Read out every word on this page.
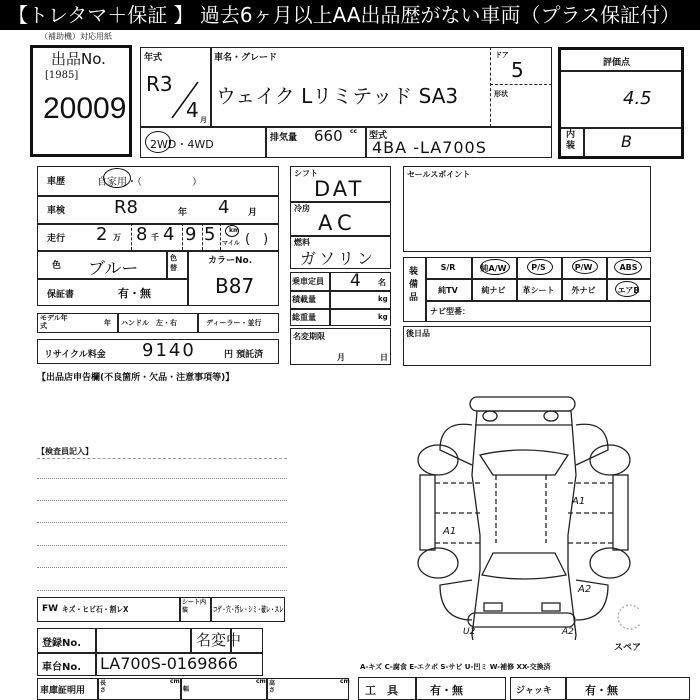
【トレタマ＋保証 】 過去6ヶ月以上AA出品歴がない車両（プラス保証付）
（補助機）対応用紙
出品No.
[1985]
20009
年式
R3
4 月
車名・グレード
ウェイク Lリミテッド SA3
ドア
5
形状
2WD・4WD	排気量 660 cc 型式
4BA -LA700S
評価点
4.5
内装	B
車歴	自家用・（　　　　　）
車検	R8	年 4 月
走行 2 万 8 千 4 9 5 km
マイル (　)
色 ブルー
色替
カラーNo.
B87
保証書	有・無
モデル年式	年 ハンドル　左・右	ディーラー・並行
リサイクル料金 9140	円 預託済
【出品店申告欄(不良箇所・欠品・注意事項等)】
シフト
DAT
冷房
AC
燃料
ガソリン
乗車定員 4 名
積載量	kg
総重量	kg
名変期限
月	日
セールスポイント
装備品
S/R	純A/W	P/S	P/W	ABS
純TV	純ナビ	革シート	外ナビ	エアB
ナビ型番：
後日品
【検査員記入】
A1
A1
A2
U2	A2
スペア
A-キズ C-腐食 E-エクボ S-サビ U-凹ミ W-補修 XX-交換済
FW キズ・ヒビ石・割レX
シート内装	コゲ・穴・汚レ・シミ・破レ・スレ
登録No.	名変中
車台No. LA700S-0169866
車庫証明用
長さ
cm
幅
cm 高さ
cm
工　具	有・無	ジャッキ	有・無
